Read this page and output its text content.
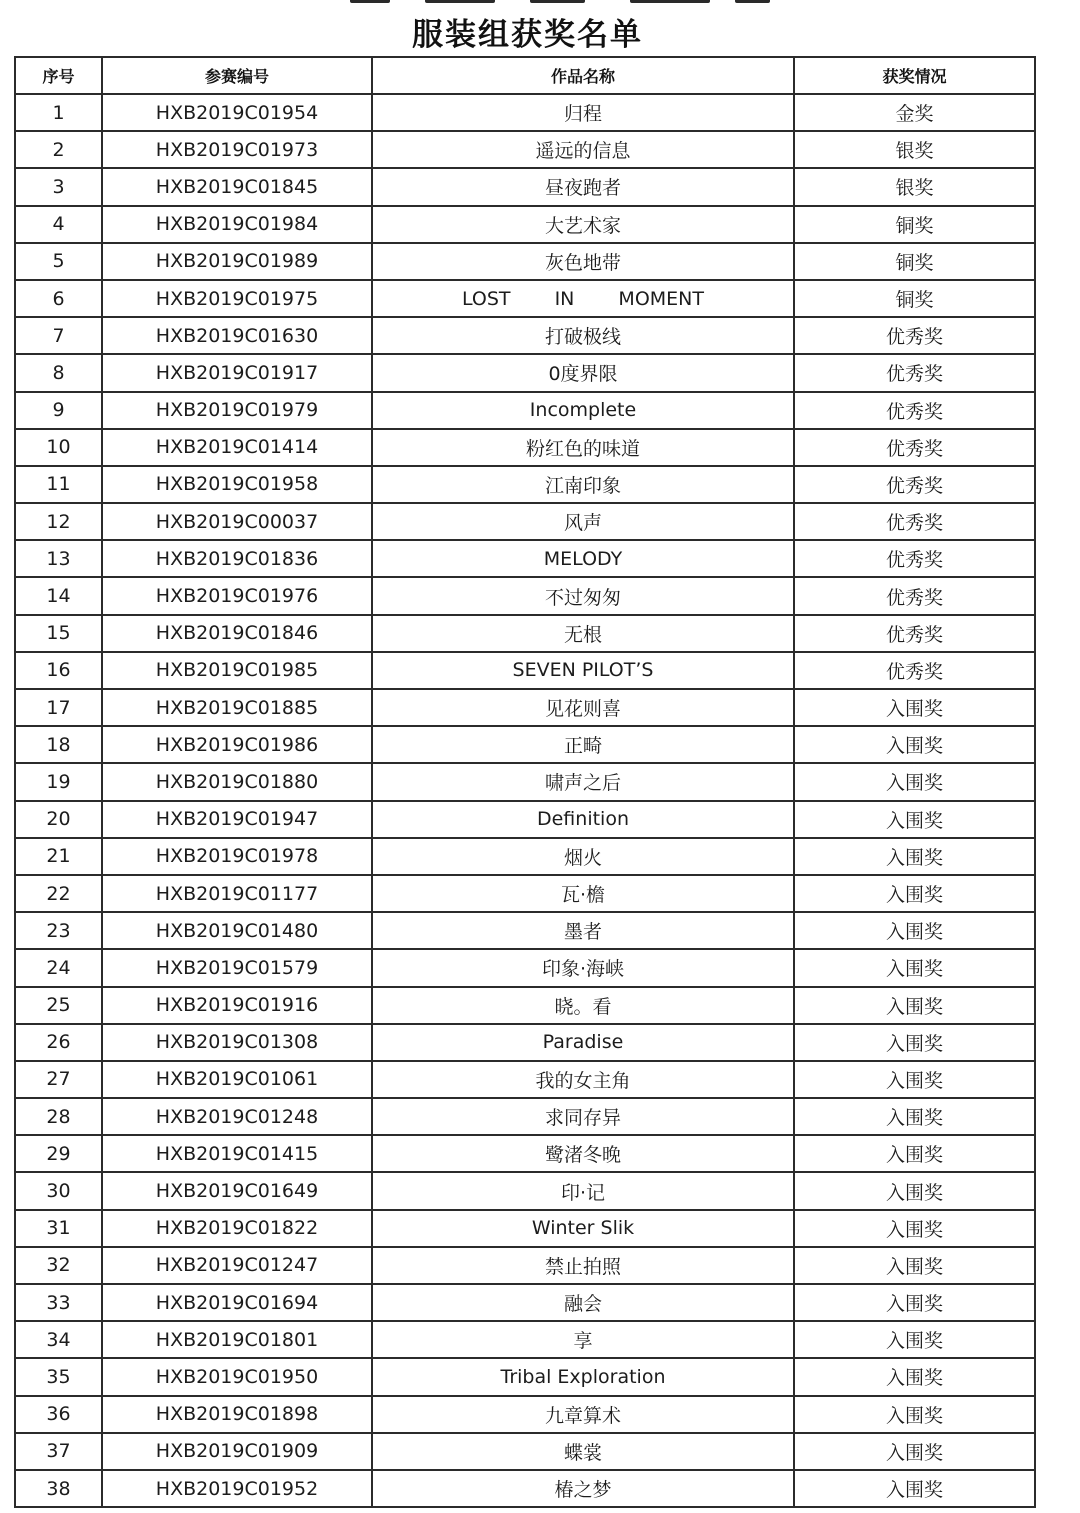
服装组获奖名单
序号	参赛编号	作品名称	获奖情况
1	HXB2019C01954	归程	金奖
2	HXB2019C01973	遥远的信息	银奖
3	HXB2019C01845	昼夜跑者	银奖
4	HXB2019C01984	大艺术家	铜奖
5	HXB2019C01989	灰色地带	铜奖
6	HXB2019C01975	LOST IN MOMENT	铜奖
7	HXB2019C01630	打破极线	优秀奖
8	HXB2019C01917	0度界限	优秀奖
9	HXB2019C01979	Incomplete	优秀奖
10	HXB2019C01414	粉红色的味道	优秀奖
11	HXB2019C01958	江南印象	优秀奖
12	HXB2019C00037	风声	优秀奖
13	HXB2019C01836	MELODY	优秀奖
14	HXB2019C01976	不过匆匆	优秀奖
15	HXB2019C01846	无根	优秀奖
16	HXB2019C01985	SEVEN PILOT’S	优秀奖
17	HXB2019C01885	见花则喜	入围奖
18	HXB2019C01986	正畸	入围奖
19	HXB2019C01880	啸声之后	入围奖
20	HXB2019C01947	Definition	入围奖
21	HXB2019C01978	烟火	入围奖
22	HXB2019C01177	瓦·檐	入围奖
23	HXB2019C01480	墨者	入围奖
24	HXB2019C01579	印象·海峡	入围奖
25	HXB2019C01916	晓。看	入围奖
26	HXB2019C01308	Paradise	入围奖
27	HXB2019C01061	我的女主角	入围奖
28	HXB2019C01248	求同存异	入围奖
29	HXB2019C01415	鹭渚冬晚	入围奖
30	HXB2019C01649	印·记	入围奖
31	HXB2019C01822	Winter Slik	入围奖
32	HXB2019C01247	禁止拍照	入围奖
33	HXB2019C01694	融会	入围奖
34	HXB2019C01801	享	入围奖
35	HXB2019C01950	Tribal Exploration	入围奖
36	HXB2019C01898	九章算术	入围奖
37	HXB2019C01909	蝶裳	入围奖
38	HXB2019C01952	椿之梦	入围奖
